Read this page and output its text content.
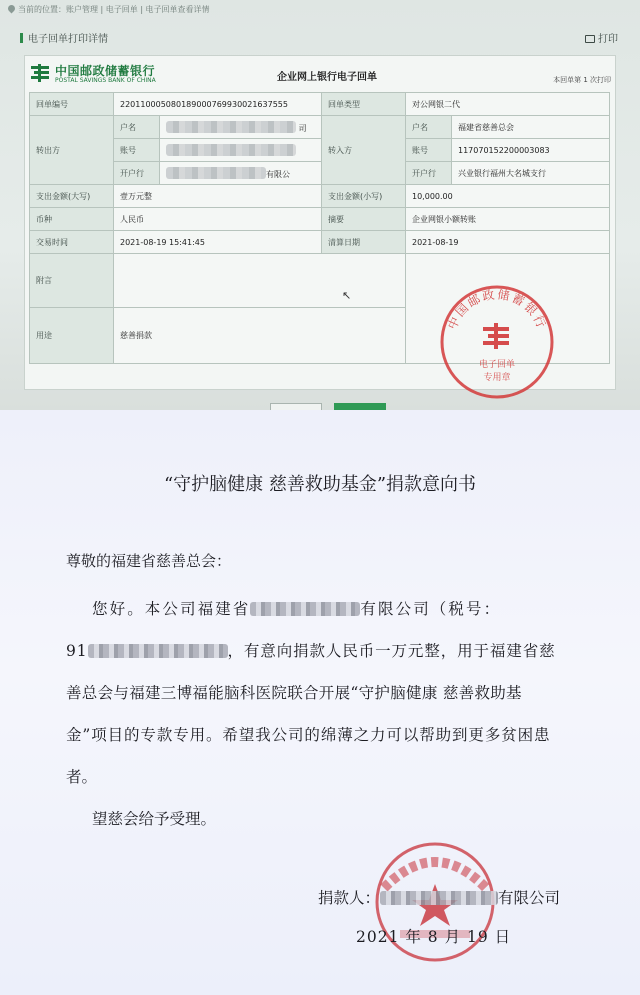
当前的位置：账户管理 | 电子回单 | 电子回单查看详情
电子回单打印详情	打印
中国邮政储蓄银行
POSTAL SAVINGS BANK OF CHINA	企业网上银行电子回单	本回单第 1 次打印
回单编号	2201100050801890007699300216375​55		回单类型	对公网银二代	
转出方	户名	司	转入方	户名	福建省慈善总会
	账号			账号	117070152200003083
	开户行	有限公		开户行	兴业银行福州大名城支行
支出金额(大写)	壹万元整		支出金额(小写)	10,000.00	
币种	人民币		摘要	企业网银小额转账	
交易时间	2021-08-19 15:41:45		清算日期	2021-08-19	
附言					
用途	慈善捐款				
↖
中国邮政储蓄银行
电子回单
专用章
“守护脑健康 慈善救助基金”捐款意向书
尊敬的福建省慈善总会：
您好。本公司福建省	有限公司（税号：
91	，有意向捐款人民币一万元整，用于福建省慈
善总会与福建三博福能脑科医院联合开展“守护脑健康 慈善救助基
金”项目的专款专用。希望我公司的绵薄之力可以帮助到更多贫困患
者。
望慈会给予受理。
捐款人：	有限公司
2021 年 8 月 19 日
